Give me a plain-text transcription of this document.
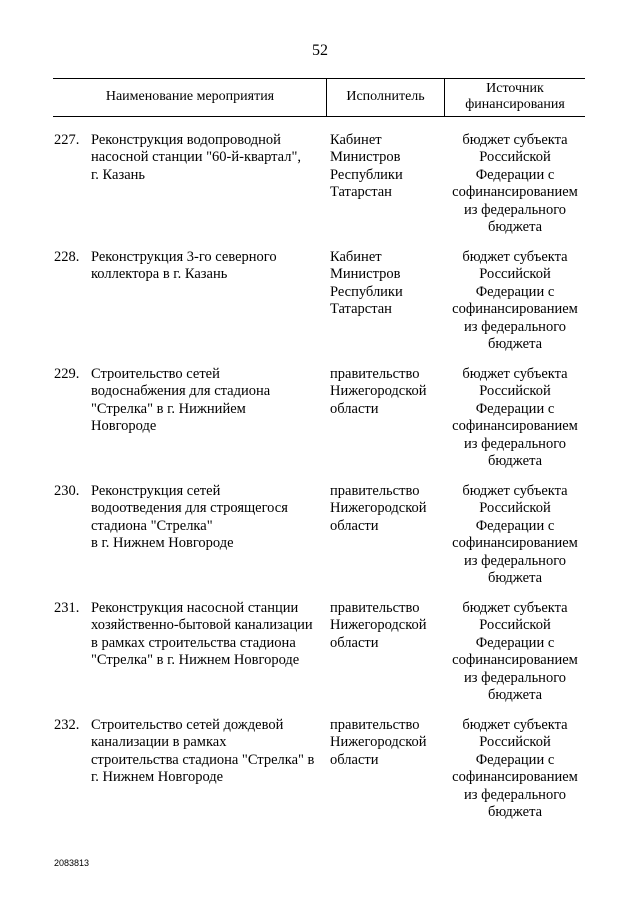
52
Наименование мероприятия	Исполнитель
Источник
финансирования
227. Реконструкция водопроводной
насосной станции "60-й-квартал",
г. Казань
Кабинет
Министров
Республики
Татарстан
бюджет субъекта
Российской
Федерации с
софинансированием
из федерального
бюджета
228. Реконструкция 3-го северного
коллектора в г. Казань
Кабинет
Министров
Республики
Татарстан
бюджет субъекта
Российской
Федерации с
софинансированием
из федерального
бюджета
229. Строительство сетей
водоснабжения для стадиона
"Стрелка" в г. Нижнийем
Новгороде
правительство
Нижегородской
области
бюджет субъекта
Российской
Федерации с
софинансированием
из федерального
бюджета
230. Реконструкция сетей
водоотведения для строящегося
стадиона "Стрелка"
в г. Нижнем Новгороде
правительство
Нижегородской
области
бюджет субъекта
Российской
Федерации с
софинансированием
из федерального
бюджета
231. Реконструкция насосной станции
хозяйственно-бытовой канализации
в рамках строительства стадиона
"Стрелка" в г. Нижнем Новгороде
правительство
Нижегородской
области
бюджет субъекта
Российской
Федерации с
софинансированием
из федерального
бюджета
232. Строительство сетей дождевой
канализации в рамках
строительства стадиона "Стрелка" в
г. Нижнем Новгороде
правительство
Нижегородской
области
бюджет субъекта
Российской
Федерации с
софинансированием
из федерального
бюджета
2083813
